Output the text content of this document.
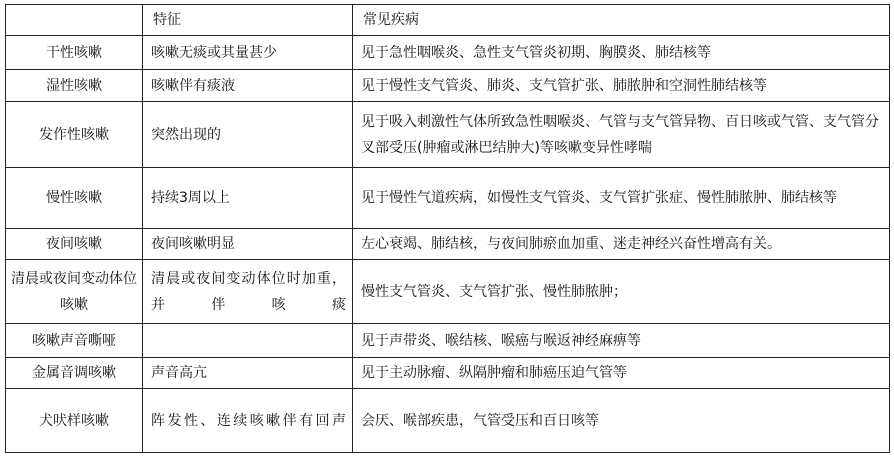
	特征	常见疾病
干性咳嗽	咳嗽无痰或其量甚少	见于急性咽喉炎、急性支气管炎初期、胸膜炎、肺结核等
湿性咳嗽	咳嗽伴有痰液	见于慢性支气管炎、肺炎、支气管扩张、肺脓肿和空洞性肺结核等
发作性咳嗽	突然出现的	见于吸入刺激性气体所致急性咽喉炎、气管与支气管异物、百日咳或气管、支气管分叉部受压(肿瘤或淋巴结肿大)等咳嗽变异性哮喘
慢性咳嗽	持续3周以上	见于慢性气道疾病，如慢性支气管炎、支气管扩张症、慢性肺脓肿、肺结核等
夜间咳嗽	夜间咳嗽明显	左心衰竭、肺结核，与夜间肺瘀血加重、迷走神经兴奋性增高有关。
清晨或夜间变动体位咳嗽	清晨或夜间变动体位时加重，并伴咳痰	慢性支气管炎、支气管扩张、慢性肺脓肿；
咳嗽声音嘶哑		见于声带炎、喉结核、喉癌与喉返神经麻痹等
金属音调咳嗽	声音高亢	见于主动脉瘤、纵隔肿瘤和肺癌压迫气管等
犬吠样咳嗽	阵发性、连续咳嗽伴有回声	会厌、喉部疾患，气管受压和百日咳等
